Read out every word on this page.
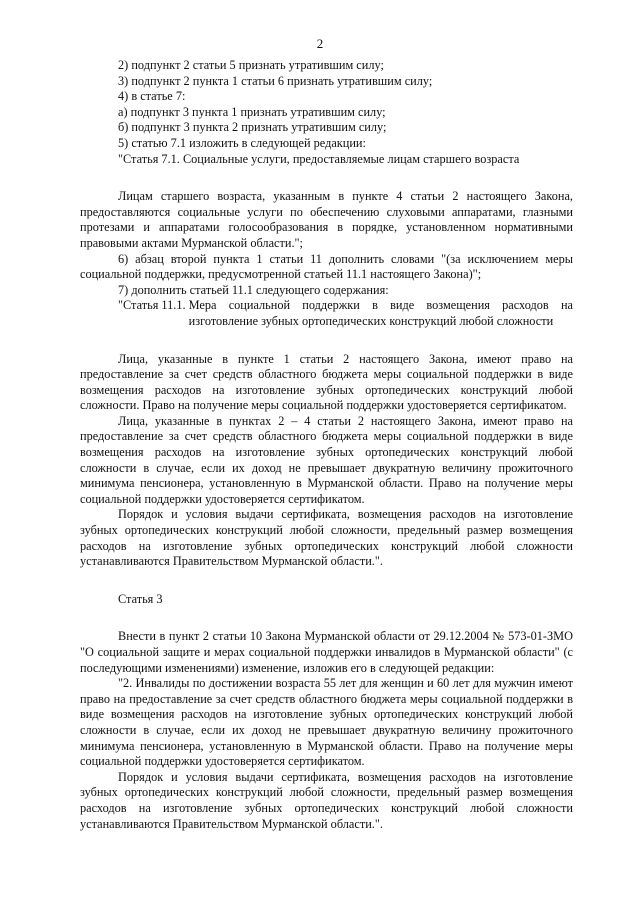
2

2) подпункт 2 статьи 5 признать утратившим силу;

3) подпункт 2 пункта 1 статьи 6 признать утратившим силу;

4) в статье 7:

а) подпункт 3 пункта 1 признать утратившим силу;

б) подпункт 3 пункта 2 признать утратившим силу;

5) статью 7.1 изложить в следующей редакции:

"Статья 7.1. Социальные услуги, предоставляемые лицам старшего возраста

Лицам старшего возраста, указанным в пункте 4 статьи 2 настоящего Закона, предоставляются социальные услуги по обеспечению слуховыми аппаратами, глазными протезами и аппаратами голосообразования в порядке, установленном нормативными правовыми актами Мурманской области.";

6) абзац второй пункта 1 статьи 11 дополнить словами "(за исключением меры социальной поддержки, предусмотренной статьей 11.1 настоящего Закона)";

7) дополнить статьей 11.1 следующего содержания:

"Статья 11.1. Мера социальной поддержки в виде возмещения расходов на изготовление зубных ортопедических конструкций любой сложности

Лица, указанные в пункте 1 статьи 2 настоящего Закона, имеют право на предоставление за счет средств областного бюджета меры социальной поддержки в виде возмещения расходов на изготовление зубных ортопедических конструкций любой сложности. Право на получение меры социальной поддержки удостоверяется сертификатом.

Лица, указанные в пунктах 2 – 4 статьи 2 настоящего Закона, имеют право на предоставление за счет средств областного бюджета меры социальной поддержки в виде возмещения расходов на изготовление зубных ортопедических конструкций любой сложности в случае, если их доход не превышает двукратную величину прожиточного минимума пенсионера, установленную в Мурманской области. Право на получение меры социальной поддержки удостоверяется сертификатом.

Порядок и условия выдачи сертификата, возмещения расходов на изготовление зубных ортопедических конструкций любой сложности, предельный размер возмещения расходов на изготовление зубных ортопедических конструкций любой сложности устанавливаются Правительством Мурманской области.".

Статья 3

Внести в пункт 2 статьи 10 Закона Мурманской области от 29.12.2004 № 573-01-ЗМО "О социальной защите и мерах социальной поддержки инвалидов в Мурманской области" (с последующими изменениями) изменение, изложив его в следующей редакции:

"2. Инвалиды по достижении возраста 55 лет для женщин и 60 лет для мужчин имеют право на предоставление за счет средств областного бюджета меры социальной поддержки в виде возмещения расходов на изготовление зубных ортопедических конструкций любой сложности в случае, если их доход не превышает двукратную величину прожиточного минимума пенсионера, установленную в Мурманской области. Право на получение меры социальной поддержки удостоверяется сертификатом.

Порядок и условия выдачи сертификата, возмещения расходов на изготовление зубных ортопедических конструкций любой сложности, предельный размер возмещения расходов на изготовление зубных ортопедических конструкций любой сложности устанавливаются Правительством Мурманской области.".
